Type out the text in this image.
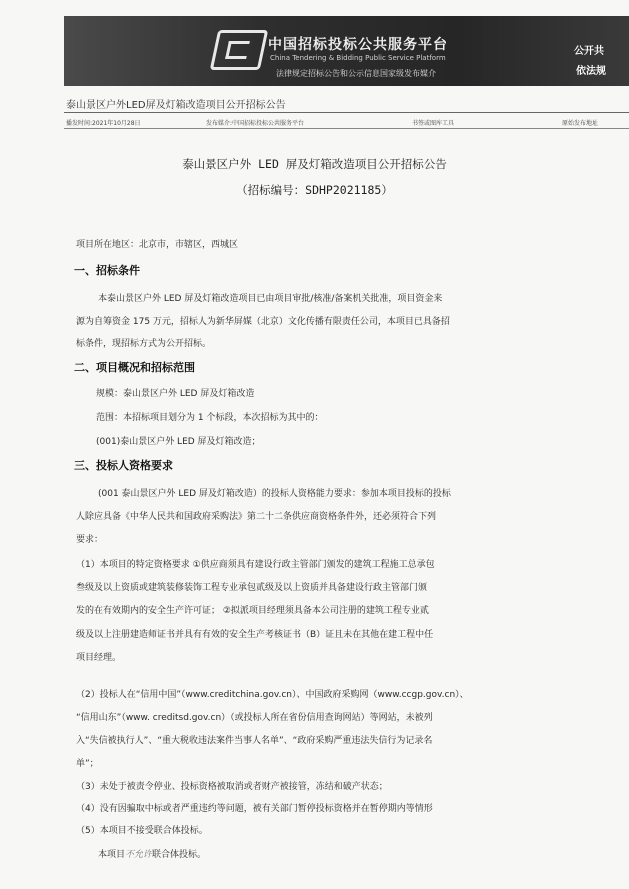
中国招标投标公共服务平台
China Tendering & Bidding Public Service Platform
法律规定招标公告和公示信息国家级发布媒介
公开共
依法规
泰山景区户外LED屏及灯箱改造项目公开招标公告
播发时间:2021年10月28日	发布媒介:中国招标投标公共服务平台	书签或图库工具	原始发布地址
泰山景区户外 LED 屏及灯箱改造项目公开招标公告
（招标编号：SDHP2021185）
项目所在地区：北京市，市辖区，西城区
一、招标条件
本泰山景区户外 LED 屏及灯箱改造项目已由项目审批/核准/备案机关批准，项目资金来
源为自筹资金 175 万元，招标人为新华屏媒（北京）文化传播有限责任公司，本项目已具备招
标条件，现招标方式为公开招标。
二、项目概况和招标范围
规模：泰山景区户外 LED 屏及灯箱改造
范围：本招标项目划分为 1 个标段，本次招标为其中的：
(001)泰山景区户外 LED 屏及灯箱改造；
三、投标人资格要求
(001 泰山景区户外 LED 屏及灯箱改造）的投标人资格能力要求：参加本项目投标的投标
人除应具备《中华人民共和国政府采购法》第二十二条供应商资格条件外，还必须符合下列
要求：
（1）本项目的特定资格要求 ①供应商须具有建设行政主管部门颁发的建筑工程施工总承包
叁级及以上资质或建筑装修装饰工程专业承包贰级及以上资质并具备建设行政主管部门颁
发的在有效期内的安全生产许可证； ②拟派项目经理须具备本公司注册的建筑工程专业贰
级及以上注册建造师证书并具有有效的安全生产考核证书（B）证且未在其他在建工程中任
项目经理。
（2）投标人在“信用中国”（www.creditchina.gov.cn）、中国政府采购网（www.ccgp.gov.cn）、
“信用山东”（www. creditsd.gov.cn）（或投标人所在省份信用查询网站）等网站，未被列
入“失信被执行人”、“重大税收违法案件当事人名单”、“政府采购严重违法失信行为记录名
单”；
（3）未处于被责令停业、投标资格被取消或者财产被接管，冻结和破产状态；
（4）没有因骗取中标或者严重违约等问题，被有关部门暂停投标资格并在暂停期内等情形
（5）本项目不接受联合体投标。
本项目不允许联合体投标。
